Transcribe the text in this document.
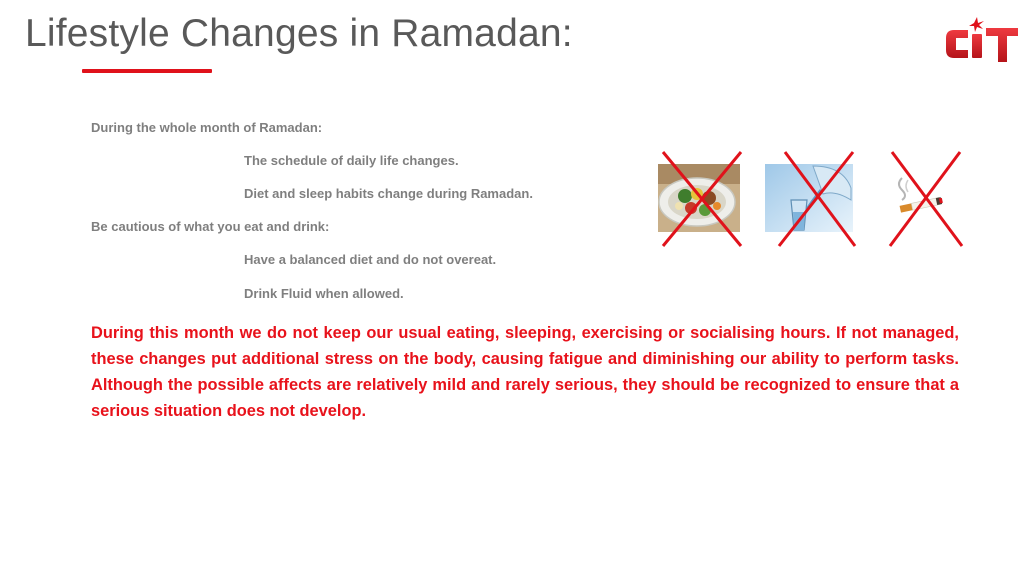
Lifestyle Changes in Ramadan:
During the whole month of Ramadan:
The schedule of daily life changes.
Diet and sleep habits change during Ramadan.
Be cautious of what you eat and drink:
Have a balanced diet and do not overeat.
Drink Fluid when allowed.
During this month we do not keep our usual eating, sleeping, exercising or socialising hours. If not managed, these changes put additional stress on the body, causing fatigue and diminishing our ability to perform tasks. Although the possible affects are relatively mild and rarely serious, they should be recognized to ensure that a serious situation does not develop.
